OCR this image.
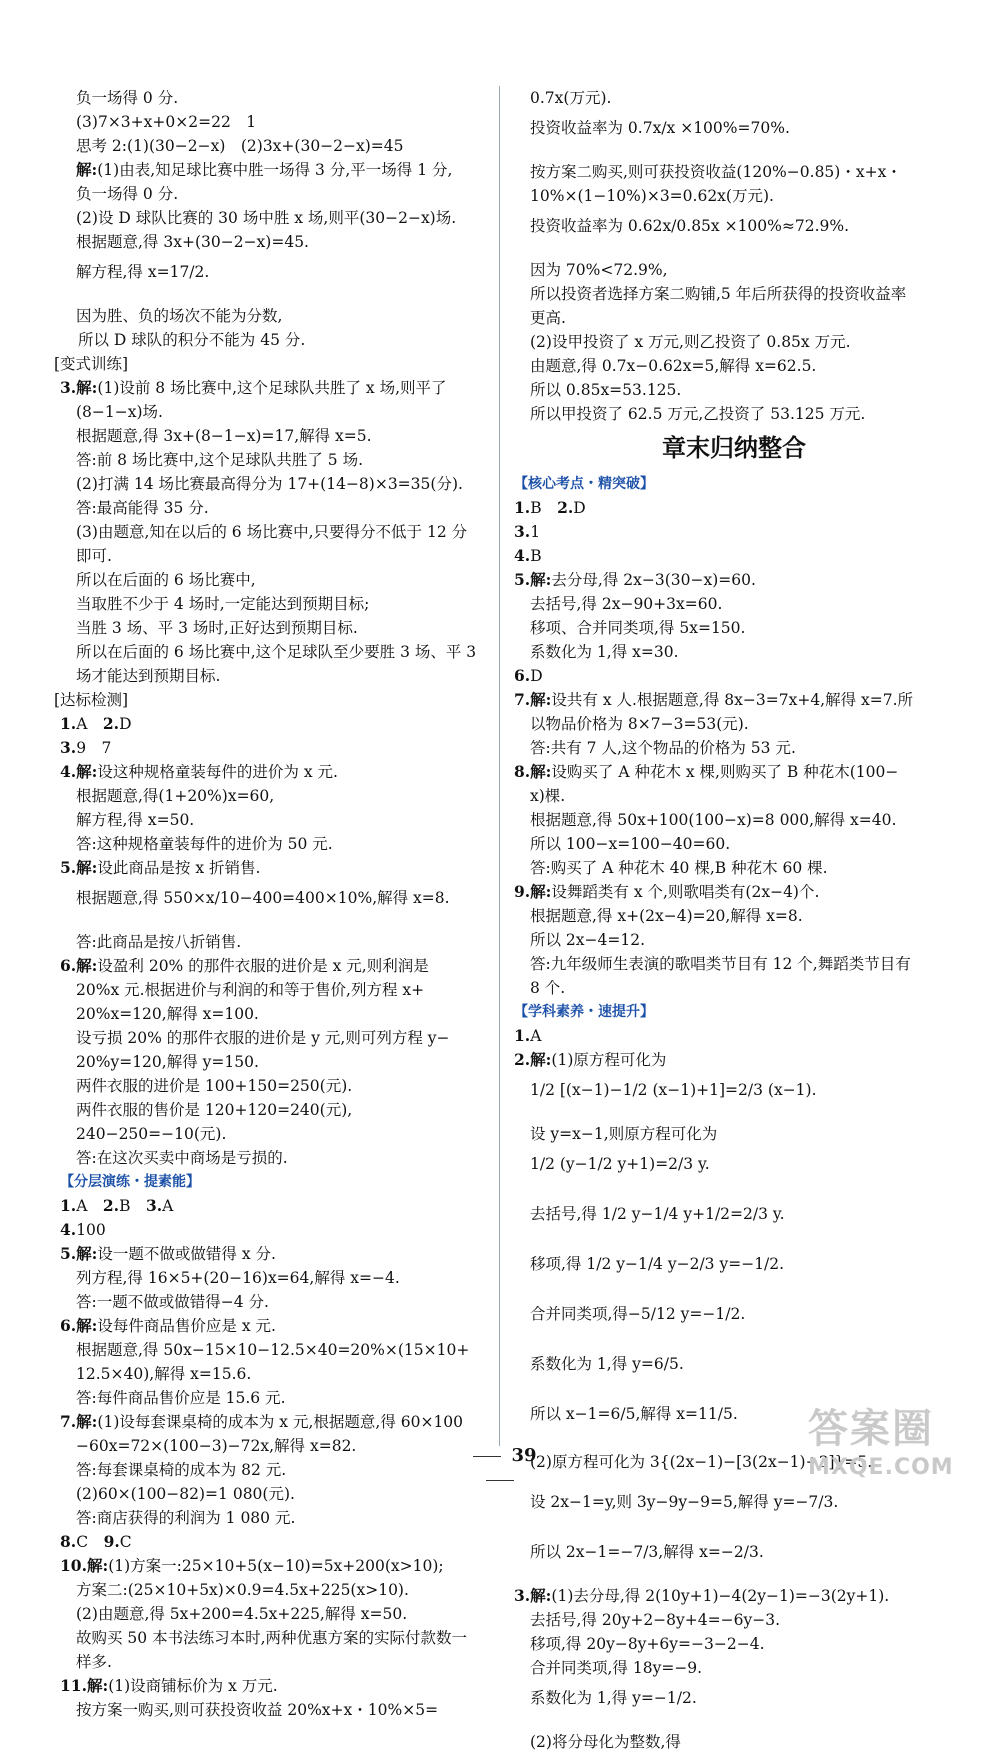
负一场得 0 分.
(3)7×3+x+0×2=22　1
思考 2:(1)(30−2−x)　(2)3x+(30−2−x)=45
解:(1)由表,知足球比赛中胜一场得 3 分,平一场得 1 分,
负一场得 0 分.
(2)设 D 球队比赛的 30 场中胜 x 场,则平(30−2−x)场.
根据题意,得 3x+(30−2−x)=45.
解方程,得 x=17/2.
因为胜、负的场次不能为分数,
所以 D 球队的积分不能为 45 分.
[变式训练]
3.解:(1)设前 8 场比赛中,这个足球队共胜了 x 场,则平了
(8−1−x)场.
根据题意,得 3x+(8−1−x)=17,解得 x=5.
答:前 8 场比赛中,这个足球队共胜了 5 场.
(2)打满 14 场比赛最高得分为 17+(14−8)×3=35(分).
答:最高能得 35 分.
(3)由题意,知在以后的 6 场比赛中,只要得分不低于 12 分
即可.
所以在后面的 6 场比赛中,
当取胜不少于 4 场时,一定能达到预期目标;
当胜 3 场、平 3 场时,正好达到预期目标.
所以在后面的 6 场比赛中,这个足球队至少要胜 3 场、平 3
场才能达到预期目标.
[达标检测]
1.A　2.D
3.9　7
4.解:设这种规格童装每件的进价为 x 元.
根据题意,得(1+20%)x=60,
解方程,得 x=50.
答:这种规格童装每件的进价为 50 元.
5.解:设此商品是按 x 折销售.
根据题意,得 550×x/10−400=400×10%,解得 x=8.
答:此商品是按八折销售.
6.解:设盈利 20% 的那件衣服的进价是 x 元,则利润是
20%x 元.根据进价与利润的和等于售价,列方程 x+
20%x=120,解得 x=100.
设亏损 20% 的那件衣服的进价是 y 元,则可列方程 y−
20%y=120,解得 y=150.
两件衣服的进价是 100+150=250(元).
两件衣服的售价是 120+120=240(元),
240−250=−10(元).
答:在这次买卖中商场是亏损的.
【分层演练・提素能】
1.A　2.B　3.A
4.100
5.解:设一题不做或做错得 x 分.
列方程,得 16×5+(20−16)x=64,解得 x=−4.
答:一题不做或做错得−4 分.
6.解:设每件商品售价应是 x 元.
根据题意,得 50x−15×10−12.5×40=20%×(15×10+
12.5×40),解得 x=15.6.
答:每件商品售价应是 15.6 元.
7.解:(1)设每套课桌椅的成本为 x 元,根据题意,得 60×100
−60x=72×(100−3)−72x,解得 x=82.
答:每套课桌椅的成本为 82 元.
(2)60×(100−82)=1 080(元).
答:商店获得的利润为 1 080 元.
8.C　9.C
10.解:(1)方案一:25×10+5(x−10)=5x+200(x>10);
方案二:(25×10+5x)×0.9=4.5x+225(x>10).
(2)由题意,得 5x+200=4.5x+225,解得 x=50.
故购买 50 本书法练习本时,两种优惠方案的实际付款数一
样多.
11.解:(1)设商铺标价为 x 万元.
按方案一购买,则可获投资收益 20%x+x・10%×5=
0.7x(万元).
投资收益率为 0.7x/x ×100%=70%.
按方案二购买,则可获投资收益(120%−0.85)・x+x・
10%×(1−10%)×3=0.62x(万元).
投资收益率为 0.62x/0.85x ×100%≈72.9%.
因为 70%<72.9%,
所以投资者选择方案二购铺,5 年后所获得的投资收益率
更高.
(2)设甲投资了 x 万元,则乙投资了 0.85x 万元.
由题意,得 0.7x−0.62x=5,解得 x=62.5.
所以 0.85x=53.125.
所以甲投资了 62.5 万元,乙投资了 53.125 万元.
章末归纳整合
【核心考点・精突破】
1.B　2.D
3.1
4.B
5.解:去分母,得 2x−3(30−x)=60.
去括号,得 2x−90+3x=60.
移项、合并同类项,得 5x=150.
系数化为 1,得 x=30.
6.D
7.解:设共有 x 人.根据题意,得 8x−3=7x+4,解得 x=7.所
以物品价格为 8×7−3=53(元).
答:共有 7 人,这个物品的价格为 53 元.
8.解:设购买了 A 种花木 x 棵,则购买了 B 种花木(100−
x)棵.
根据题意,得 50x+100(100−x)=8 000,解得 x=40.
所以 100−x=100−40=60.
答:购买了 A 种花木 40 棵,B 种花木 60 棵.
9.解:设舞蹈类有 x 个,则歌唱类有(2x−4)个.
根据题意,得 x+(2x−4)=20,解得 x=8.
所以 2x−4=12.
答:九年级师生表演的歌唱类节目有 12 个,舞蹈类节目有
8 个.
【学科素养・速提升】
1.A
2.解:(1)原方程可化为
1/2 [(x−1)−1/2 (x−1)+1]=2/3 (x−1).
设 y=x−1,则原方程可化为
1/2 (y−1/2 y+1)=2/3 y.
去括号,得 1/2 y−1/4 y+1/2=2/3 y.
移项,得 1/2 y−1/4 y−2/3 y=−1/2.
合并同类项,得−5/12 y=−1/2.
系数化为 1,得 y=6/5.
所以 x−1=6/5,解得 x=11/5.
(2)原方程可化为 3{(2x−1)−[3(2x−1)+3]}=5.
设 2x−1=y,则 3y−9y−9=5,解得 y=−7/3.
所以 2x−1=−7/3,解得 x=−2/3.
3.解:(1)去分母,得 2(10y+1)−4(2y−1)=−3(2y+1).
去括号,得 20y+2−8y+4=−6y−3.
移项,得 20y−8y+6y=−3−2−4.
合并同类项,得 18y=−9.
系数化为 1,得 y=−1/2.
(2)将分母化为整数,得
39
答案圈
MXQE.COM
